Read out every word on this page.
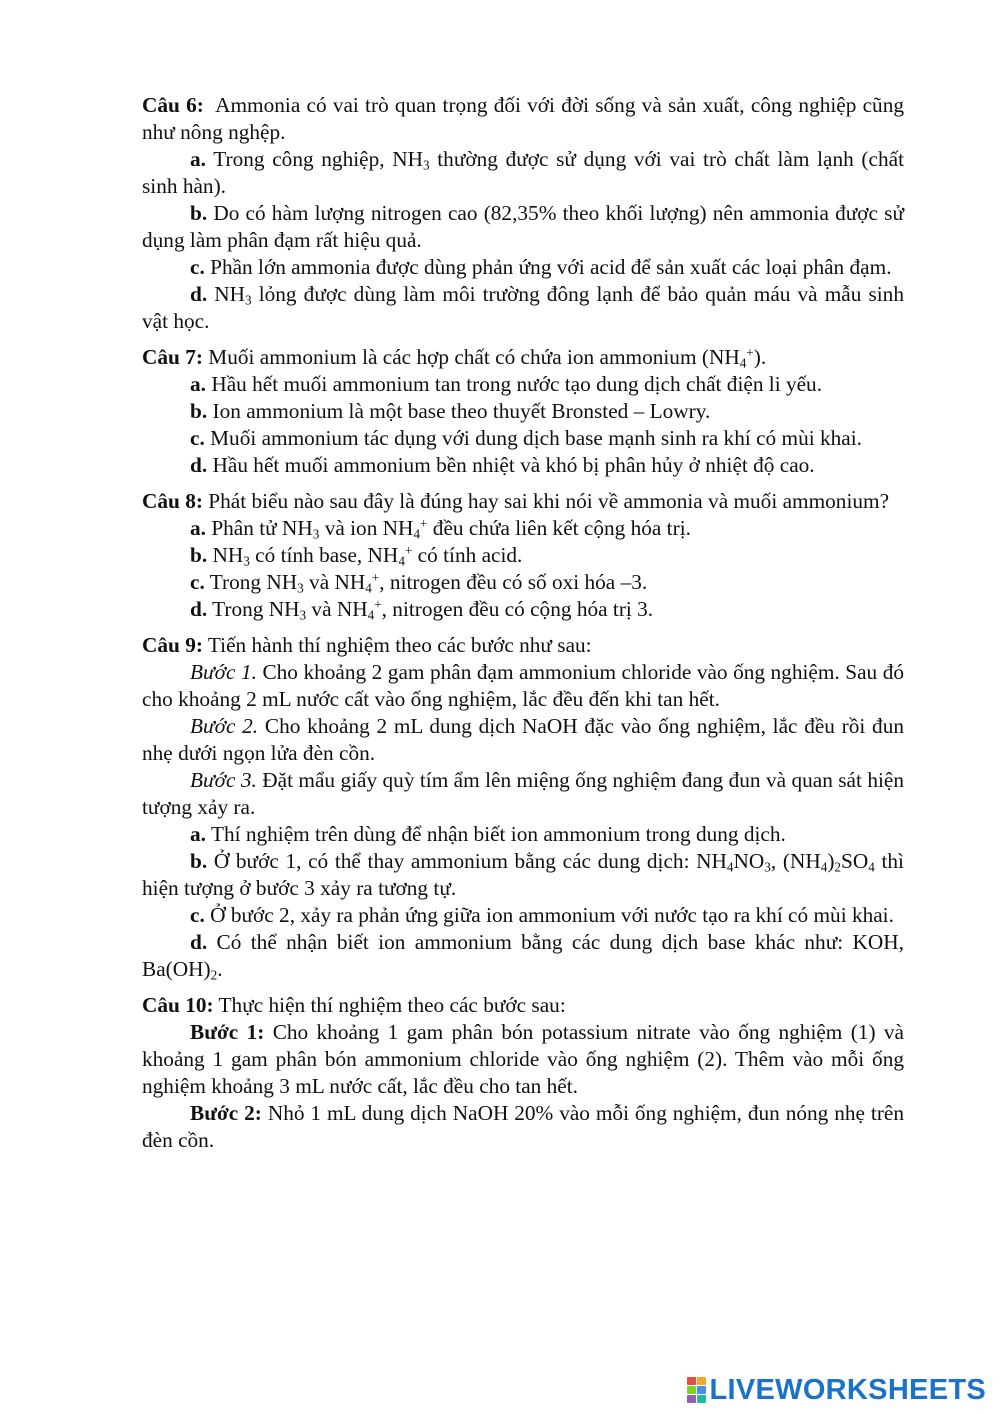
Câu 6: Ammonia có vai trò quan trọng đối với đời sống và sản xuất, công nghiệp cũng như nông nghệp.

a. Trong công nghiệp, $NH_3$ thường được sử dụng với vai trò chất làm lạnh (chất sinh hàn).

b. Do có hàm lượng nitrogen cao (82,35% theo khối lượng) nên ammonia được sử dụng làm phân đạm rất hiệu quả.

c. Phần lớn ammonia được dùng phản ứng với acid để sản xuất các loại phân đạm.

d. $NH_3$ lỏng được dùng làm môi trường đông lạnh để bảo quản máu và mẫu sinh vật học.

Câu 7: Muối ammonium là các hợp chất có chứa ion ammonium $(NH_4^+)$.

a. Hầu hết muối ammonium tan trong nước tạo dung dịch chất điện li yếu.

b. Ion ammonium là một base theo thuyết Bronsted – Lowry.

c. Muối ammonium tác dụng với dung dịch base mạnh sinh ra khí có mùi khai.

d. Hầu hết muối ammonium bền nhiệt và khó bị phân hủy ở nhiệt độ cao.

Câu 8: Phát biểu nào sau đây là đúng hay sai khi nói về ammonia và muối ammonium?

a. Phân tử $NH_3$ và ion $NH_4^+$ đều chứa liên kết cộng hóa trị.

b. $NH_3$ có tính base, $NH_4^+$ có tính acid.

c. Trong $NH_3$ và $NH_4^+$, nitrogen đều có số oxi hóa –3.

d. Trong $NH_3$ và $NH_4^+$, nitrogen đều có cộng hóa trị 3.

Câu 9: Tiến hành thí nghiệm theo các bước như sau:

Bước 1. Cho khoảng 2 gam phân đạm ammonium chloride vào ống nghiệm. Sau đó cho khoảng 2 mL nước cất vào ống nghiệm, lắc đều đến khi tan hết.

Bước 2. Cho khoảng 2 mL dung dịch NaOH đặc vào ống nghiệm, lắc đều rồi đun nhẹ dưới ngọn lửa đèn cồn.

Bước 3. Đặt mẩu giấy quỳ tím ẩm lên miệng ống nghiệm đang đun và quan sát hiện tượng xảy ra.

a. Thí nghiệm trên dùng để nhận biết ion ammonium trong dung dịch.

b. Ở bước 1, có thể thay ammonium bằng các dung dịch: $NH_4NO_3$, $(NH_4)_2SO_4$ thì hiện tượng ở bước 3 xảy ra tương tự.

c. Ở bước 2, xảy ra phản ứng giữa ion ammonium với nước tạo ra khí có mùi khai.

d. Có thể nhận biết ion ammonium bằng các dung dịch base khác như: KOH, $Ba(OH)_2$.

Câu 10: Thực hiện thí nghiệm theo các bước sau:

Bước 1: Cho khoảng 1 gam phân bón potassium nitrate vào ống nghiệm (1) và khoảng 1 gam phân bón ammonium chloride vào ống nghiệm (2). Thêm vào mỗi ống nghiệm khoảng 3 mL nước cất, lắc đều cho tan hết.

Bước 2: Nhỏ 1 mL dung dịch NaOH 20% vào mỗi ống nghiệm, đun nóng nhẹ trên đèn cồn.

LIVEWORKSHEETS
